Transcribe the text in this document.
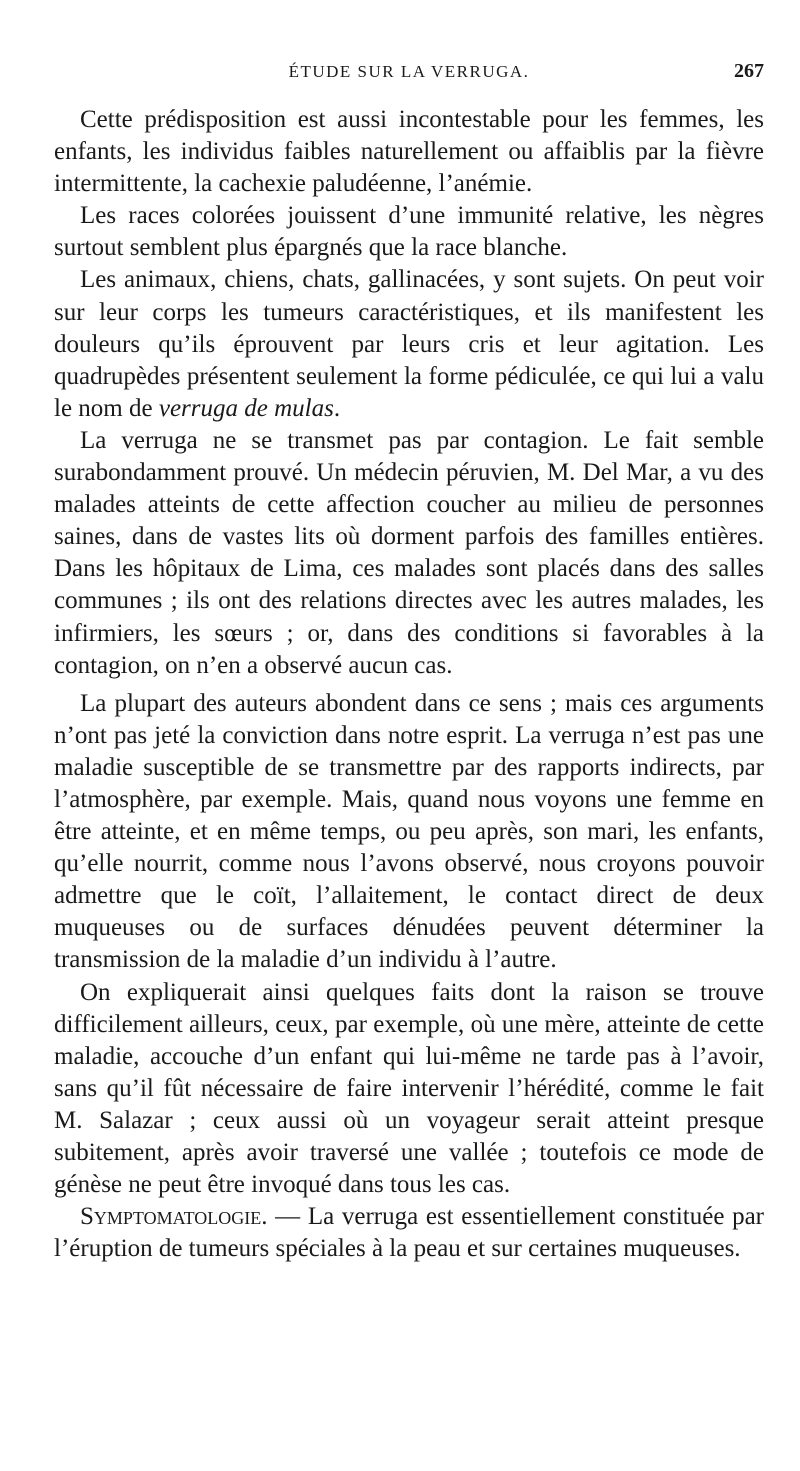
ÉTUDE SUR LA VERRUGA.	267

Cette prédisposition est aussi incontestable pour les femmes, les enfants, les individus faibles naturellement ou affaiblis par la fièvre intermittente, la cachexie paludéenne, l’anémie.

Les races colorées jouissent d’une immunité relative, les nègres surtout semblent plus épargnés que la race blanche.

Les animaux, chiens, chats, gallinacées, y sont sujets. On peut voir sur leur corps les tumeurs caractéristiques, et ils manifestent les douleurs qu’ils éprouvent par leurs cris et leur agitation. Les quadrupèdes présentent seulement la forme pédiculée, ce qui lui a valu le nom de verruga de mulas.

La verruga ne se transmet pas par contagion. Le fait semble surabondamment prouvé. Un médecin péruvien, M. Del Mar, a vu des malades atteints de cette affection coucher au milieu de personnes saines, dans de vastes lits où dorment parfois des familles entières. Dans les hôpitaux de Lima, ces malades sont placés dans des salles communes ; ils ont des relations directes avec les autres malades, les infirmiers, les sœurs ; or, dans des conditions si favorables à la contagion, on n’en a observé aucun cas.

La plupart des auteurs abondent dans ce sens ; mais ces arguments n’ont pas jeté la conviction dans notre esprit. La verruga n’est pas une maladie susceptible de se transmettre par des rapports indirects, par l’atmosphère, par exemple. Mais, quand nous voyons une femme en être atteinte, et en même temps, ou peu après, son mari, les enfants, qu’elle nourrit, comme nous l’avons observé, nous croyons pouvoir admettre que le coït, l’allaitement, le contact direct de deux muqueuses ou de surfaces dénudées peuvent déterminer la transmission de la maladie d’un individu à l’autre.

On expliquerait ainsi quelques faits dont la raison se trouve difficilement ailleurs, ceux, par exemple, où une mère, atteinte de cette maladie, accouche d’un enfant qui lui-même ne tarde pas à l’avoir, sans qu’il fût nécessaire de faire intervenir l’hérédité, comme le fait M. Salazar ; ceux aussi où un voyageur serait atteint presque subitement, après avoir traversé une vallée ; toutefois ce mode de génèse ne peut être invoqué dans tous les cas.

Symptomatologie. — La verruga est essentiellement constituée par l’éruption de tumeurs spéciales à la peau et sur certaines muqueuses.
